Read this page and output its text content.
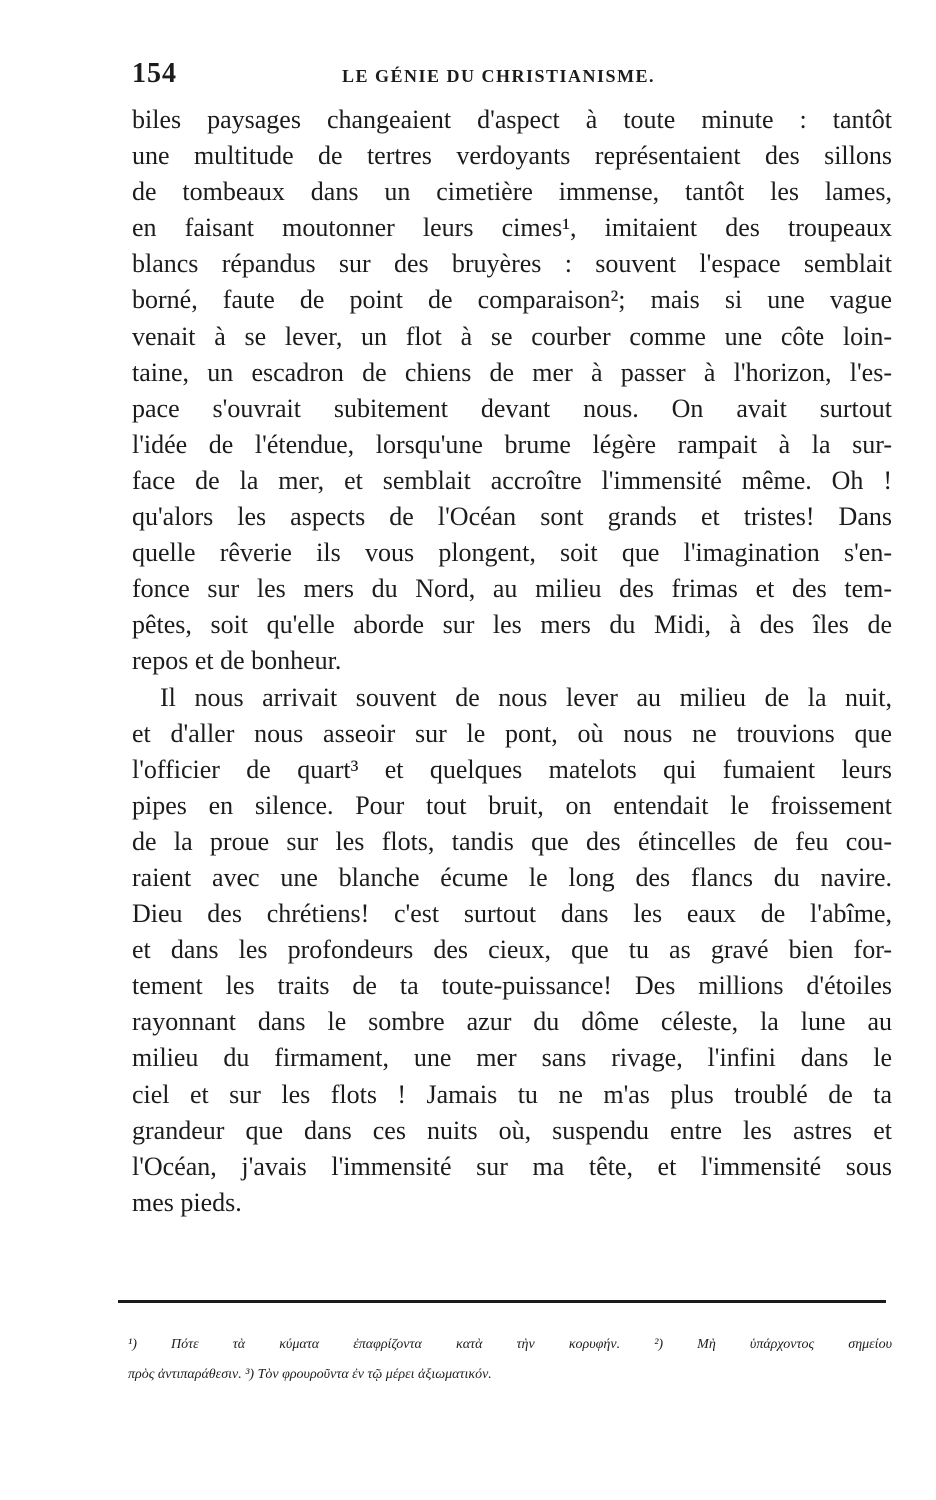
154	LE GÉNIE DU CHRISTIANISME.
biles paysages changeaient d'aspect à toute minute : tantôt
une multitude de tertres verdoyants représentaient des sillons
de tombeaux dans un cimetière immense, tantôt les lames,
en faisant moutonner leurs cimes¹, imitaient des troupeaux
blancs répandus sur des bruyères : souvent l'espace semblait
borné, faute de point de comparaison²; mais si une vague
venait à se lever, un flot à se courber comme une côte loin-
taine, un escadron de chiens de mer à passer à l'horizon, l'es-
pace s'ouvrait subitement devant nous. On avait surtout
l'idée de l'étendue, lorsqu'une brume légère rampait à la sur-
face de la mer, et semblait accroître l'immensité même. Oh !
qu'alors les aspects de l'Océan sont grands et tristes! Dans
quelle rêverie ils vous plongent, soit que l'imagination s'en-
fonce sur les mers du Nord, au milieu des frimas et des tem-
pêtes, soit qu'elle aborde sur les mers du Midi, à des îles de
repos et de bonheur.
Il nous arrivait souvent de nous lever au milieu de la nuit,
et d'aller nous asseoir sur le pont, où nous ne trouvions que
l'officier de quart³ et quelques matelots qui fumaient leurs
pipes en silence. Pour tout bruit, on entendait le froissement
de la proue sur les flots, tandis que des étincelles de feu cou-
raient avec une blanche écume le long des flancs du navire.
Dieu des chrétiens! c'est surtout dans les eaux de l'abîme,
et dans les profondeurs des cieux, que tu as gravé bien for-
tement les traits de ta toute-puissance! Des millions d'étoiles
rayonnant dans le sombre azur du dôme céleste, la lune au
milieu du firmament, une mer sans rivage, l'infini dans le
ciel et sur les flots ! Jamais tu ne m'as plus troublé de ta
grandeur que dans ces nuits où, suspendu entre les astres et
l'Océan, j'avais l'immensité sur ma tête, et l'immensité sous
mes pieds.
¹) Πότε τὰ κύματα ἐπαφρίζοντα κατὰ τὴν κορυφήν. ²) Μὴ ὑπάρχοντος σημείου
πρὸς ἀντιπαράθεσιν. ³) Τὸν φρουροῦντα ἐν τῷ μέρει ἀξιωματικόν.
